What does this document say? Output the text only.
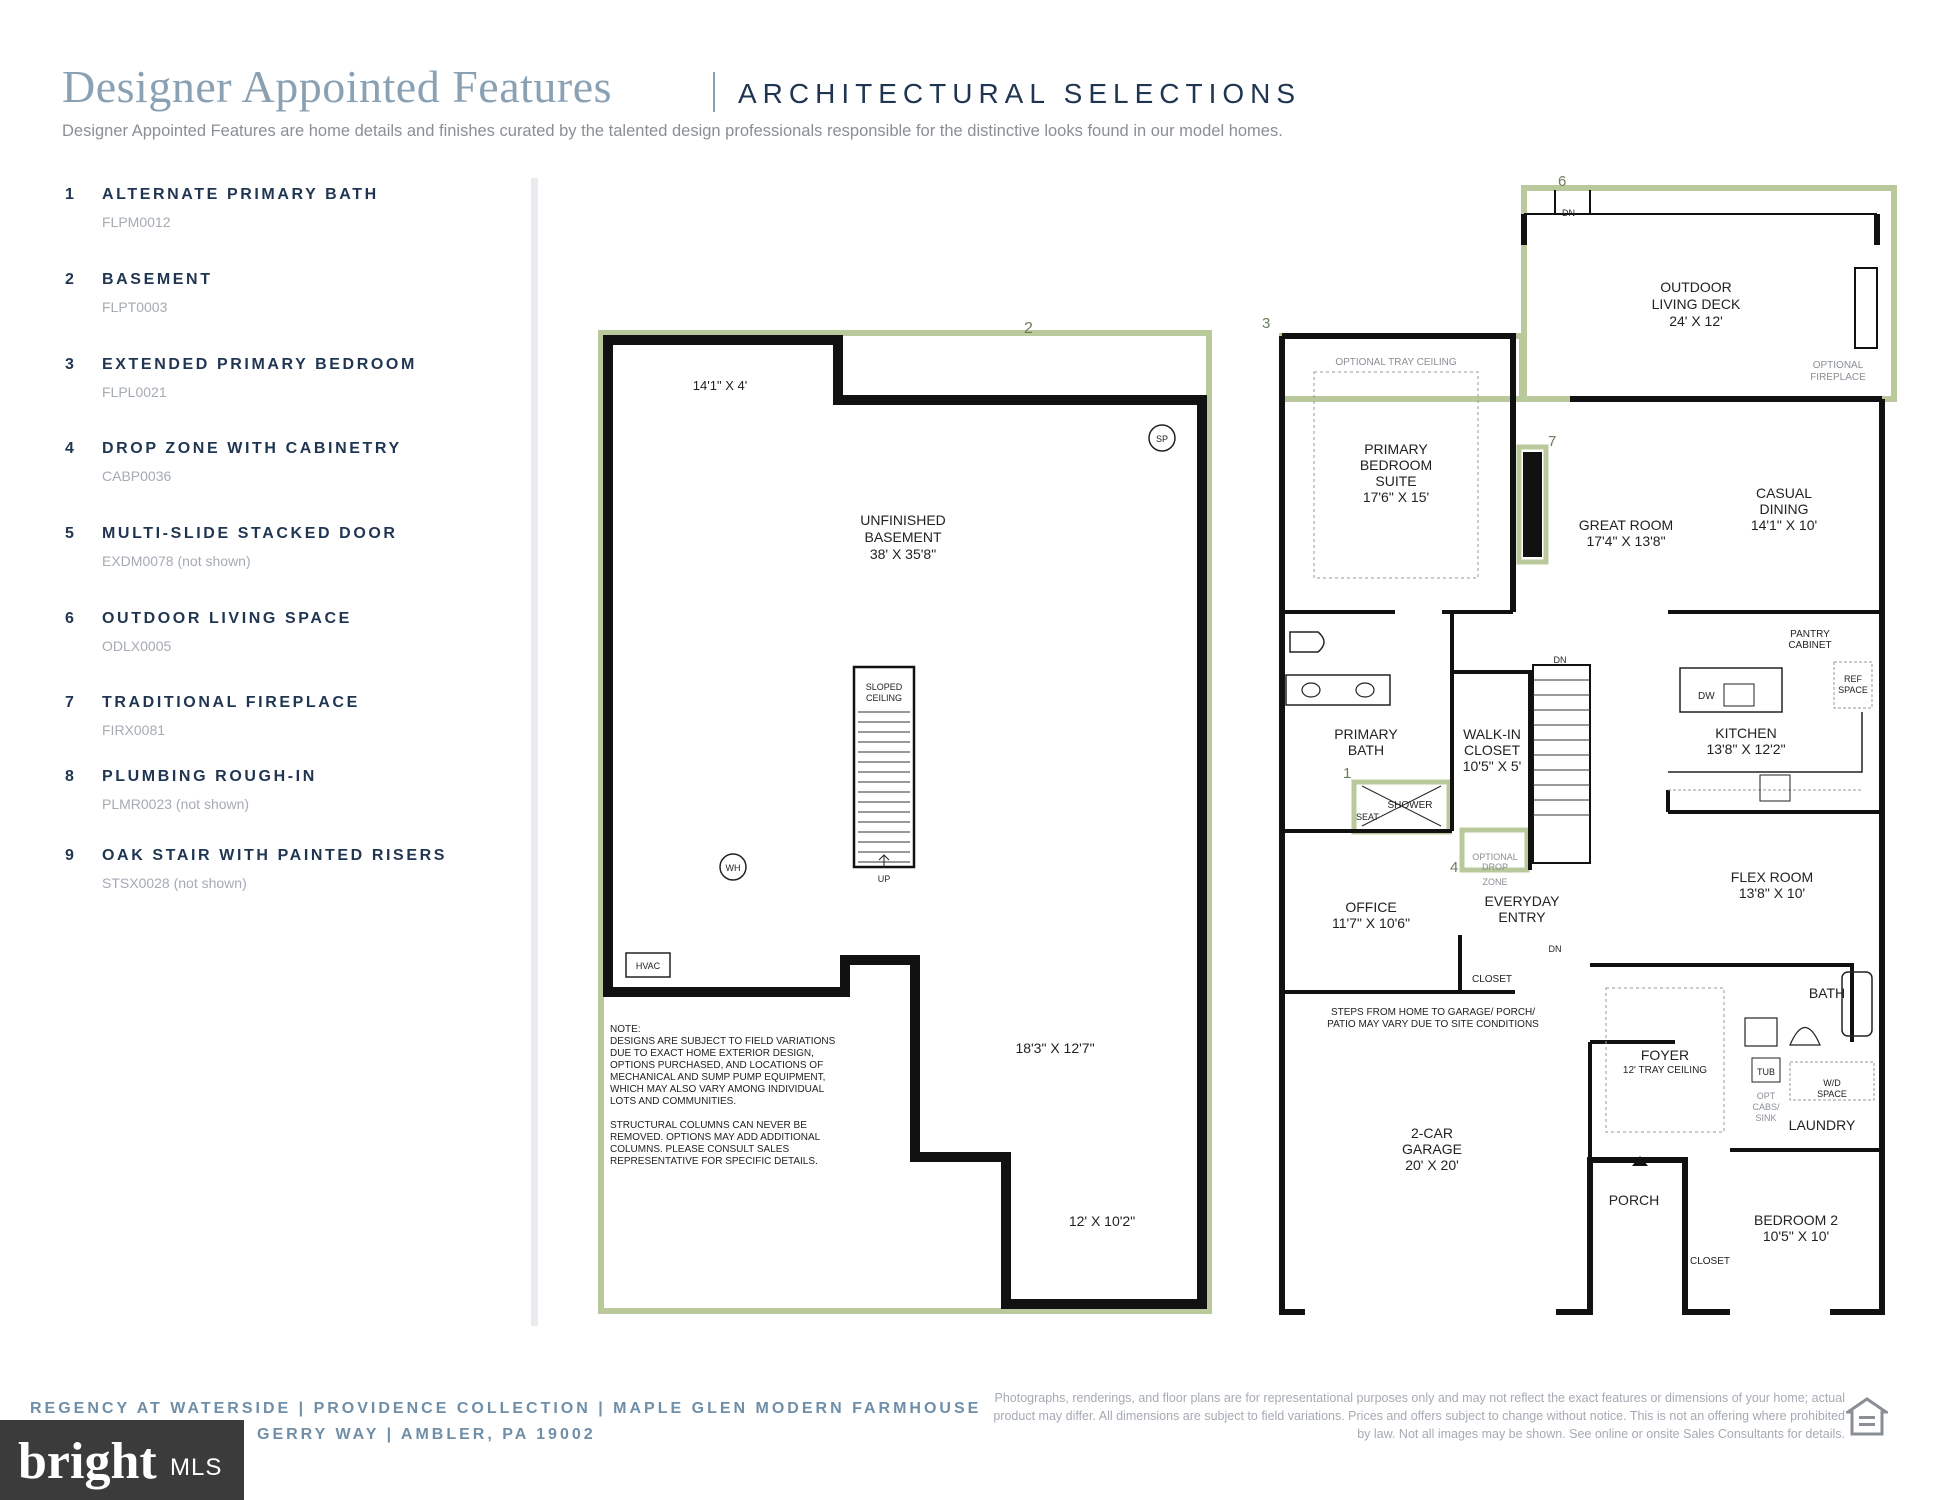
Designer Appointed Features	ARCHITECTURAL SELECTIONS
Designer Appointed Features are home details and finishes curated by the talented design professionals responsible for the distinctive looks found in our model homes.
1 ALTERNATE PRIMARY BATH
FLPM0012
2 BASEMENT
FLPT0003
3 EXTENDED PRIMARY BEDROOM
FLPL0021
4 DROP ZONE WITH CABINETRY
CABP0036
5 MULTI-SLIDE STACKED DOOR
EXDM0078 (not shown)
6 OUTDOOR LIVING SPACE
ODLX0005
7 TRADITIONAL FIREPLACE
FIRX0081
8 PLUMBING ROUGH-IN
PLMR0023 (not shown)
9 OAK STAIR WITH PAINTED RISERS
STSX0028 (not shown)
2
14'1" X 4'
UNFINISHED
BASEMENT
38' X 35'8"
SP
SLOPED
CEILING
UP
WH
HVAC
18'3" X 12'7"
12' X 10'2"
NOTE:
DESIGNS ARE SUBJECT TO FIELD VARIATIONS
DUE TO EXACT HOME EXTERIOR DESIGN,
OPTIONS PURCHASED, AND LOCATIONS OF
MECHANICAL AND SUMP PUMP EQUIPMENT,
WHICH MAY ALSO VARY AMONG INDIVIDUAL
LOTS AND COMMUNITIES.
STRUCTURAL COLUMNS CAN NEVER BE
REMOVED. OPTIONS MAY ADD ADDITIONAL
COLUMNS. PLEASE CONSULT SALES
REPRESENTATIVE FOR SPECIFIC DETAILS.
6
DN
OUTDOOR
LIVING DECK
24' X 12'
OPTIONAL
FIREPLACE
3
OPTIONAL TRAY CEILING
PRIMARY
BEDROOM
SUITE
17'6" X 15'
7
GREAT ROOM
17'4" X 13'8"
CASUAL
DINING
14'1" X 10'
PRIMARY
BATH
WALK-IN
CLOSET
10'5" X 5'
1
SHOWER
SEAT
DN
4
OPTIONAL
DROP
ZONE
DW
PANTRY
CABINET
REF
SPACE
KITCHEN
13'8" X 12'2"
FLEX ROOM
13'8" X 10'
OFFICE
11'7" X 10'6"
EVERYDAY
ENTRY
DN
CLOSET
STEPS FROM HOME TO GARAGE/ PORCH/
PATIO MAY VARY DUE TO SITE CONDITIONS
BATH
FOYER
12' TRAY CEILING	TUB
OPT
CABS/
SINK
W/D
SPACE
LAUNDRY
2-CAR
GARAGE
20' X 20'
PORCH
BEDROOM 2
10'5" X 10'
CLOSET
REGENCY AT WATERSIDE | PROVIDENCE COLLECTION | MAPLE GLEN MODERN FARMHOUSE
GERRY WAY | AMBLER, PA 19002
Photographs, renderings, and floor plans are for representational purposes only and may not reflect the exact features or dimensions of your home; actual product may differ. All dimensions are subject to field variations. Prices and offers subject to change without notice. This is not an offering where prohibited by law. Not all images may be shown. See online or onsite Sales Consultants for details.
bright MLS
